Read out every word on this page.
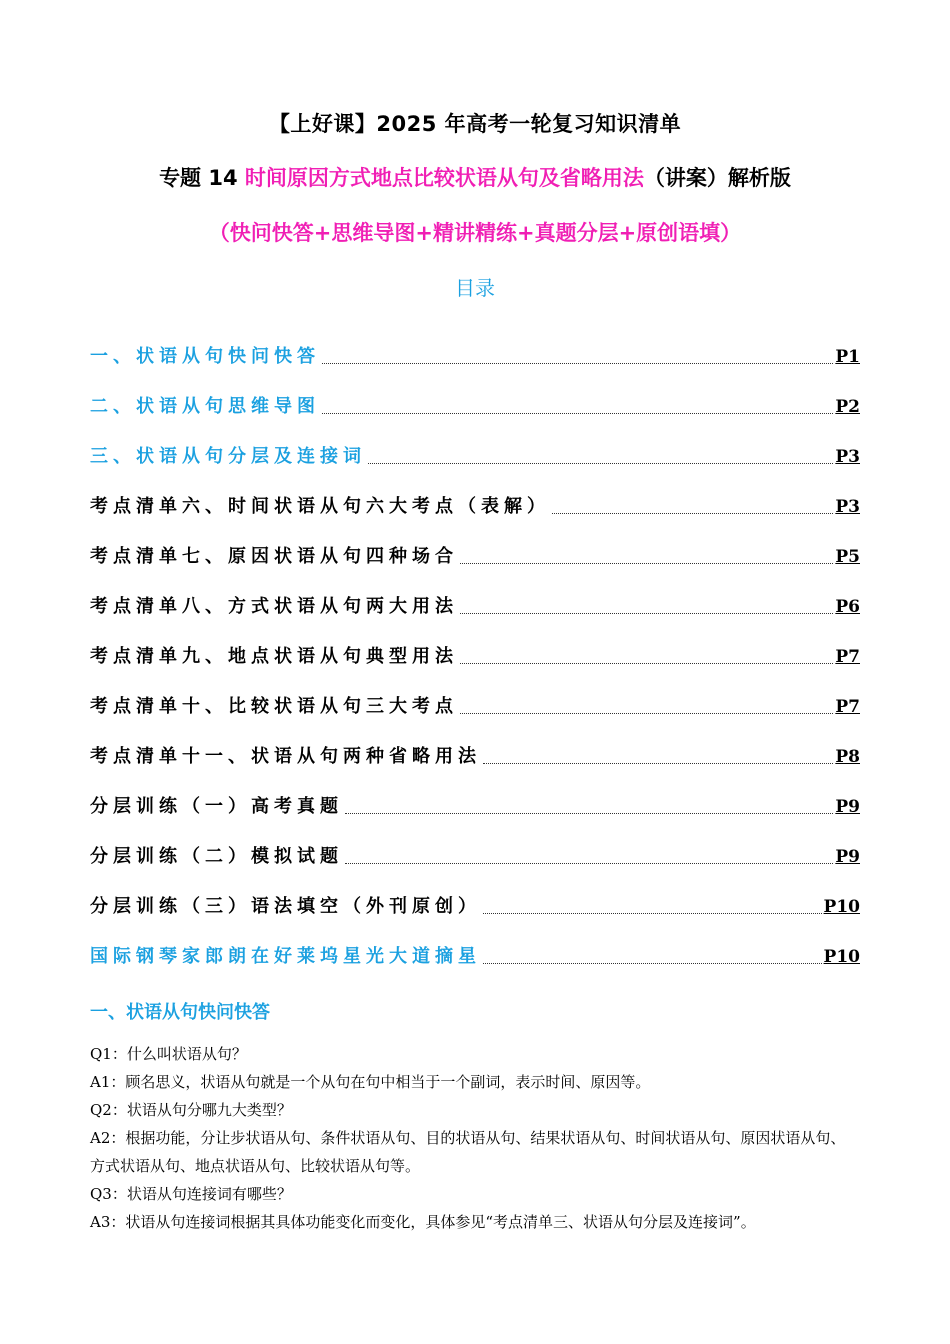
【上好课】2025 年高考一轮复习知识清单
专题 14 时间原因方式地点比较状语从句及省略用法（讲案）解析版
（快问快答+思维导图+精讲精练+真题分层+原创语填）
目录
一、状语从句快问快答	P1
二、状语从句思维导图	P2
三、状语从句分层及连接词	P3
考点清单六、时间状语从句六大考点（表解）	P3
考点清单七、原因状语从句四种场合	P5
考点清单八、方式状语从句两大用法	P6
考点清单九、地点状语从句典型用法	P7
考点清单十、比较状语从句三大考点	P7
考点清单十一、状语从句两种省略用法	P8
分层训练（一）高考真题	P9
分层训练（二）模拟试题	P9
分层训练（三）语法填空（外刊原创）	P10
国际钢琴家郎朗在好莱坞星光大道摘星	P10
一、状语从句快问快答

Q1：什么叫状语从句？

A1：顾名思义，状语从句就是一个从句在句中相当于一个副词，表示时间、原因等。

Q2：状语从句分哪九大类型？

A2：根据功能，分让步状语从句、条件状语从句、目的状语从句、结果状语从句、时间状语从句、原因状语从句、方式状语从句、地点状语从句、比较状语从句等。

Q3：状语从句连接词有哪些？

A3：状语从句连接词根据其具体功能变化而变化，具体参见“考点清单三、状语从句分层及连接词”。
